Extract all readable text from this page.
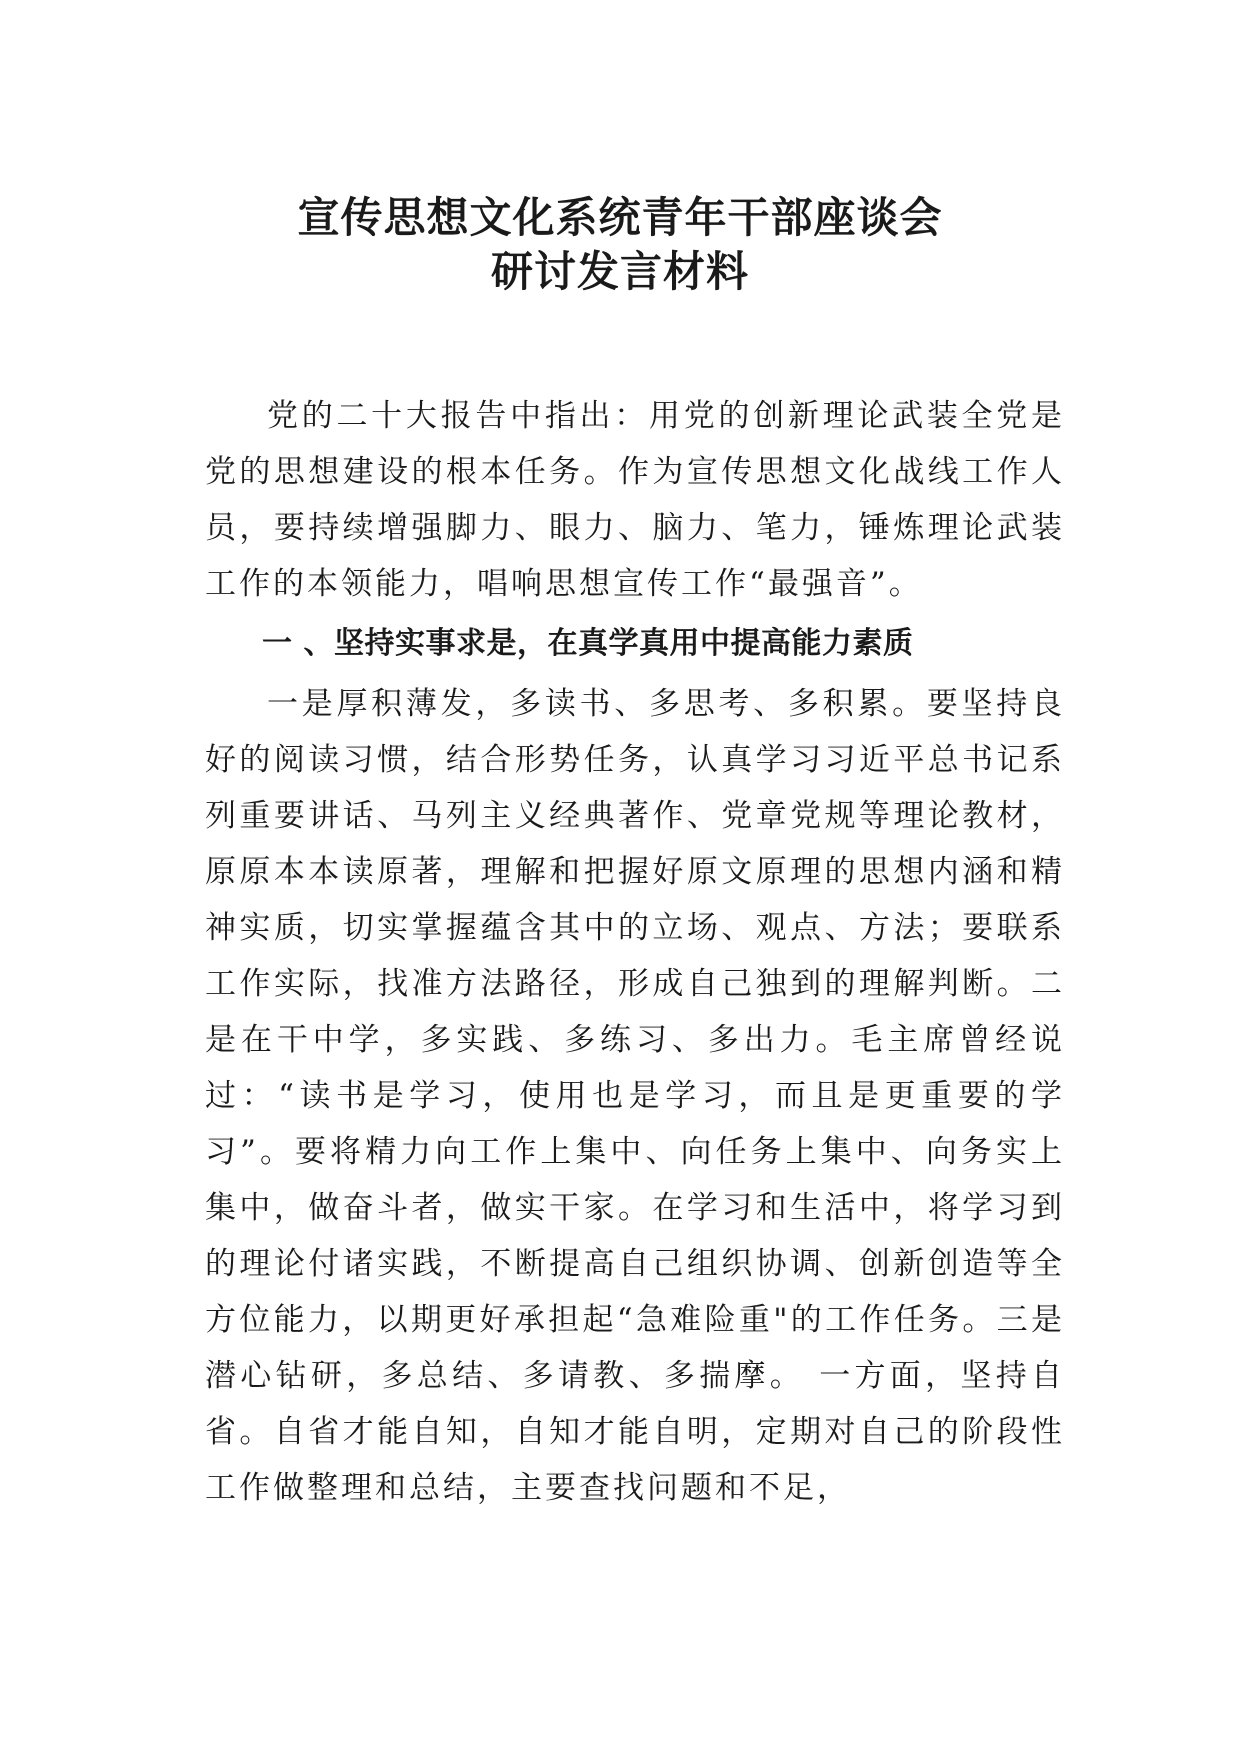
宣传思想文化系统青年干部座谈会
研讨发言材料

党的二十大报告中指出：用党的创新理论武装全党是党的思想建设的根本任务。作为宣传思想文化战线工作人员，要持续增强脚力、眼力、脑力、笔力，锤炼理论武装工作的本领能力，唱响思想宣传工作“最强音”。

一 、坚持实事求是，在真学真用中提高能力素质

一是厚积薄发，多读书、多思考、多积累。要坚持良好的阅读习惯，结合形势任务，认真学习习近平总书记系列重要讲话、马列主义经典著作、党章党规等理论教材，原原本本读原著，理解和把握好原文原理的思想内涵和精神实质，切实掌握蕴含其中的立场、观点、方法；要联系工作实际，找准方法路径，形成自己独到的理解判断。二是在干中学，多实践、多练习、多出力。毛主席曾经说过：“读书是学习，使用也是学习，而且是更重要的学习”。要将精力向工作上集中、向任务上集中、向务实上集中，做奋斗者，做实干家。在学习和生活中，将学习到的理论付诸实践，不断提高自己组织协调、创新创造等全方位能力，以期更好承担起“急难险重"的工作任务。三是潜心钻研，多总结、多请教、多揣摩。 一方面，坚持自省。自省才能自知，自知才能自明，定期对自己的阶段性工作做整理和总结，主要查找问题和不足，
